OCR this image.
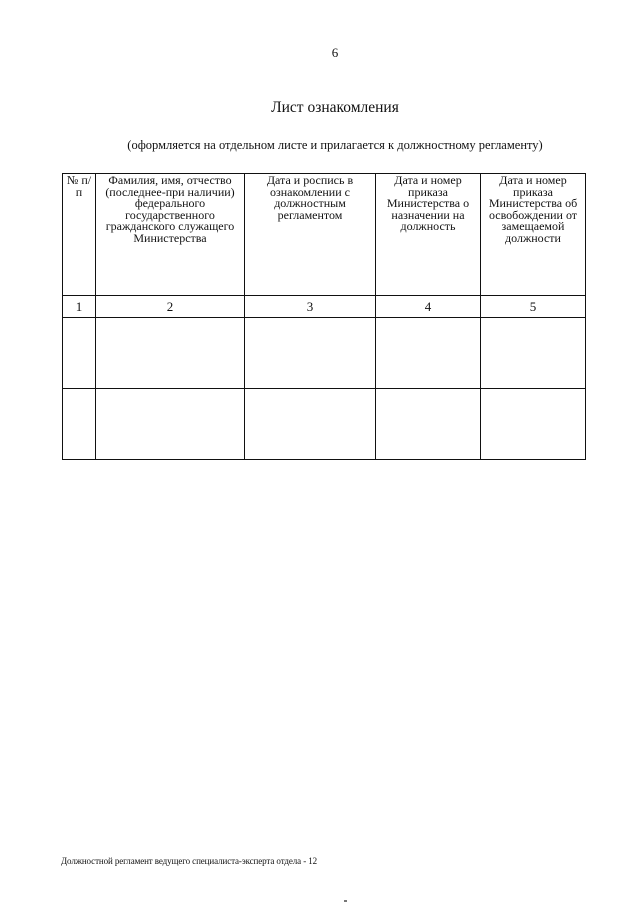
6
Лист ознакомления
(оформляется на отдельном листе и прилагается к должностному регламенту)
№ п/п	Фамилия, имя, отчество (последнее-при наличии) федерального государственного гражданского служащего Министерства	Дата и роспись в ознакомлении с должностным регламентом	Дата и номер приказа Министерства о назначении на должность	Дата и номер приказа Министерства об освобождении от замещаемой должности

1	2	3	4	5

Должностной регламент ведущего специалиста-эксперта отдела - 12
